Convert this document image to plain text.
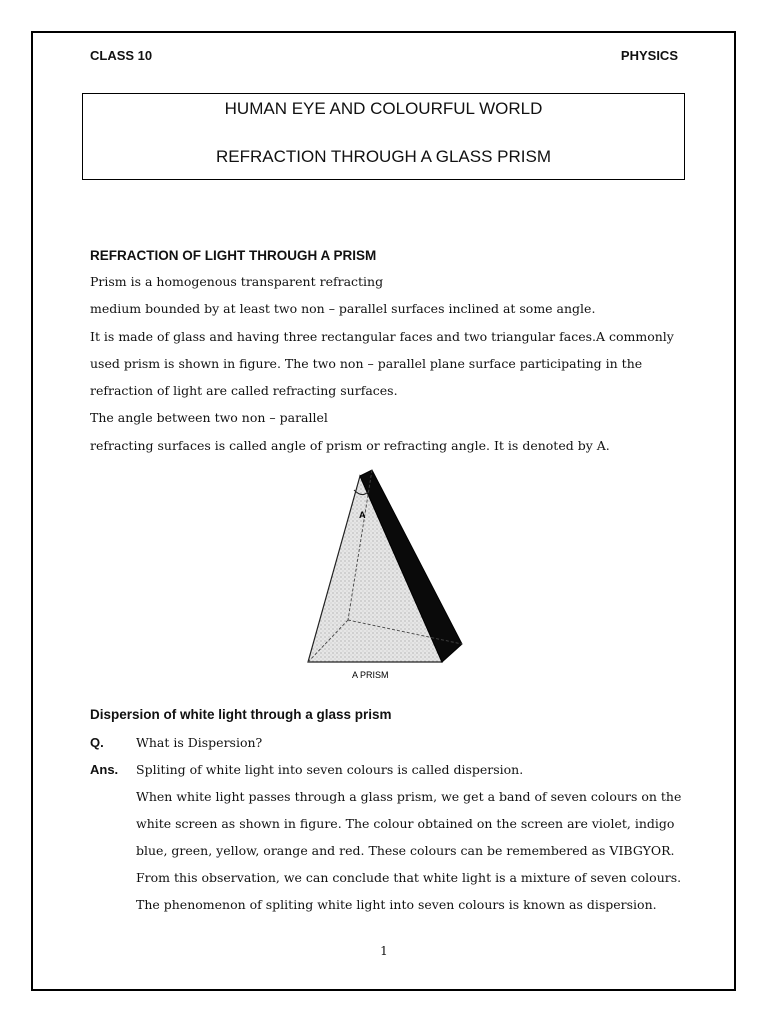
CLASS 10	PHYSICS
HUMAN EYE AND COLOURFUL WORLD
REFRACTION THROUGH A GLASS PRISM
REFRACTION OF LIGHT THROUGH A PRISM
Prism is a homogenous transparent refracting
medium bounded by at least two non – parallel surfaces inclined at some angle.
It is made of glass and having three rectangular faces and two triangular faces.A commonly
used prism is shown in figure. The two non – parallel plane surface participating in the
refraction of light are called refracting surfaces.
The angle between two non – parallel
refracting surfaces is called angle of prism or refracting angle. It is denoted by A.
A
A PRISM
Dispersion of white light through a glass prism
Q.	What is Dispersion?
Ans. Spliting of white light into seven colours is called dispersion.
When white light passes through a glass prism, we get a band of seven colours on the
white screen as shown in figure. The colour obtained on the screen are violet, indigo
blue, green, yellow, orange and red. These colours can be remembered as VIBGYOR.
From this observation, we can conclude that white light is a mixture of seven colours.
The phenomenon of spliting white light into seven colours is known as dispersion.
1
